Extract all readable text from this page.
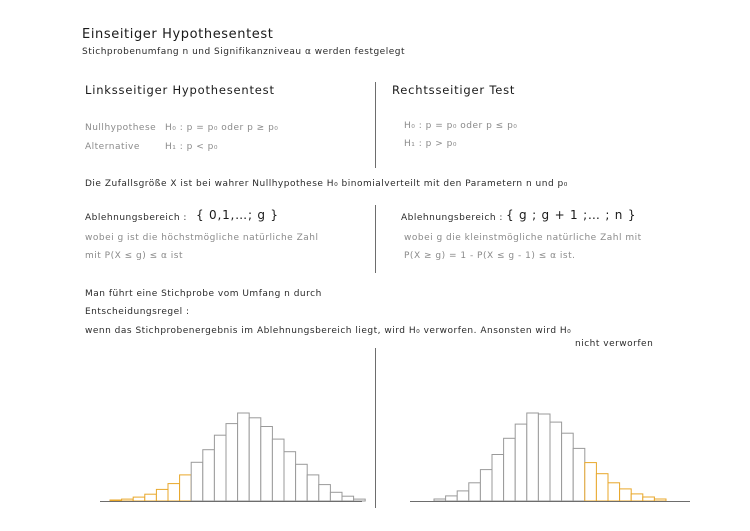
Einseitiger Hypothesentest
Stichprobenumfang n und Signifikanzniveau α werden festgelegt
Linksseitiger Hypothesentest
Nullhypothese H₀ : p = p₀ oder p ≥ p₀
Alternative	H₁ : p < p₀
Rechtsseitiger Test
H₀ : p = p₀ oder p ≤ p₀
H₁ : p > p₀
Die Zufallsgröße X ist bei wahrer Nullhypothese H₀ binomialverteilt mit den Parametern n und p₀
Ablehnungsbereich : { 0,1,…; g }
wobei g ist die höchstmögliche natürliche Zahl
mit P(X ≤ g) ≤ α ist
Ablehnungsbereich : { g ; g + 1 ;… ; n }
wobei g die kleinstmögliche natürliche Zahl mit
P(X ≥ g) = 1 - P(X ≤ g - 1) ≤ α ist.
Man führt eine Stichprobe vom Umfang n durch
Entscheidungsregel :
wenn das Stichprobenergebnis im Ablehnungsbereich liegt, wird H₀ verworfen. Ansonsten wird H₀
nicht verworfen
